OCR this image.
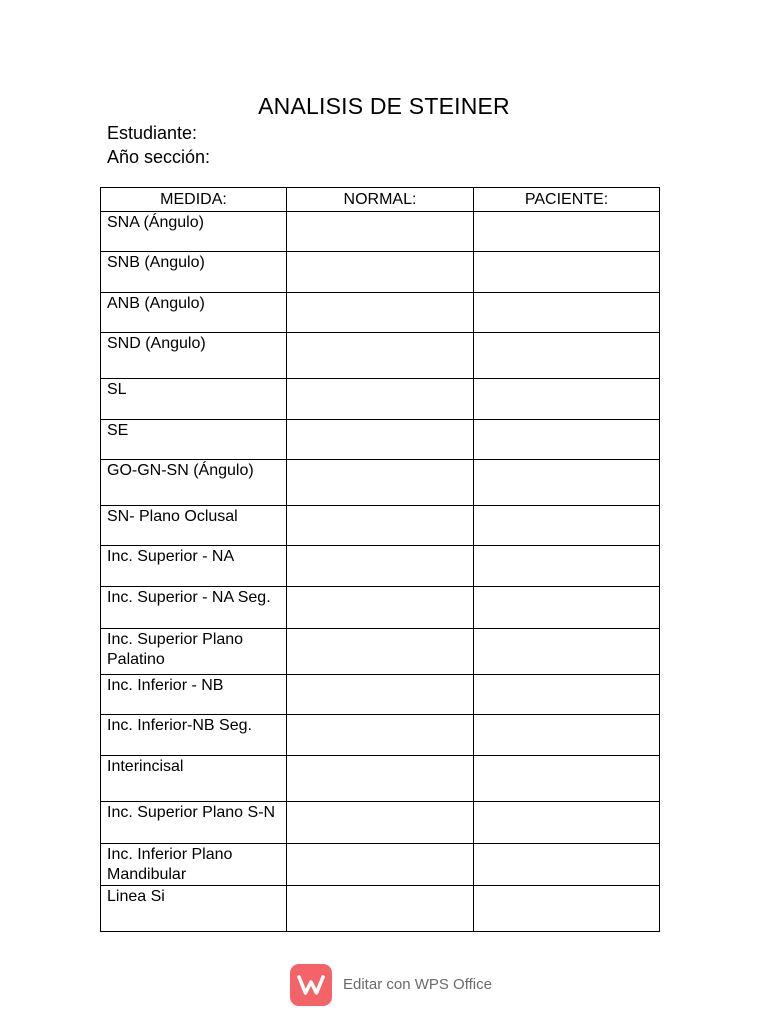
ANALISIS DE STEINER
Estudiante:
Año sección:
MEDIDA:	NORMAL:	PACIENTE:
SNA (Ángulo)		
SNB (Angulo)		
ANB (Angulo)		
SND (Angulo)		
SL		
SE		
GO-GN-SN (Ángulo)		
SN- Plano Oclusal		
Inc. Superior - NA		
Inc. Superior - NA Seg.		
Inc. Superior Plano Palatino		
Inc. Inferior - NB		
Inc. Inferior-NB Seg.		
Interincisal		
Inc. Superior Plano S-N		
Inc. Inferior Plano Mandibular		
Linea Si		
Editar con WPS Office
